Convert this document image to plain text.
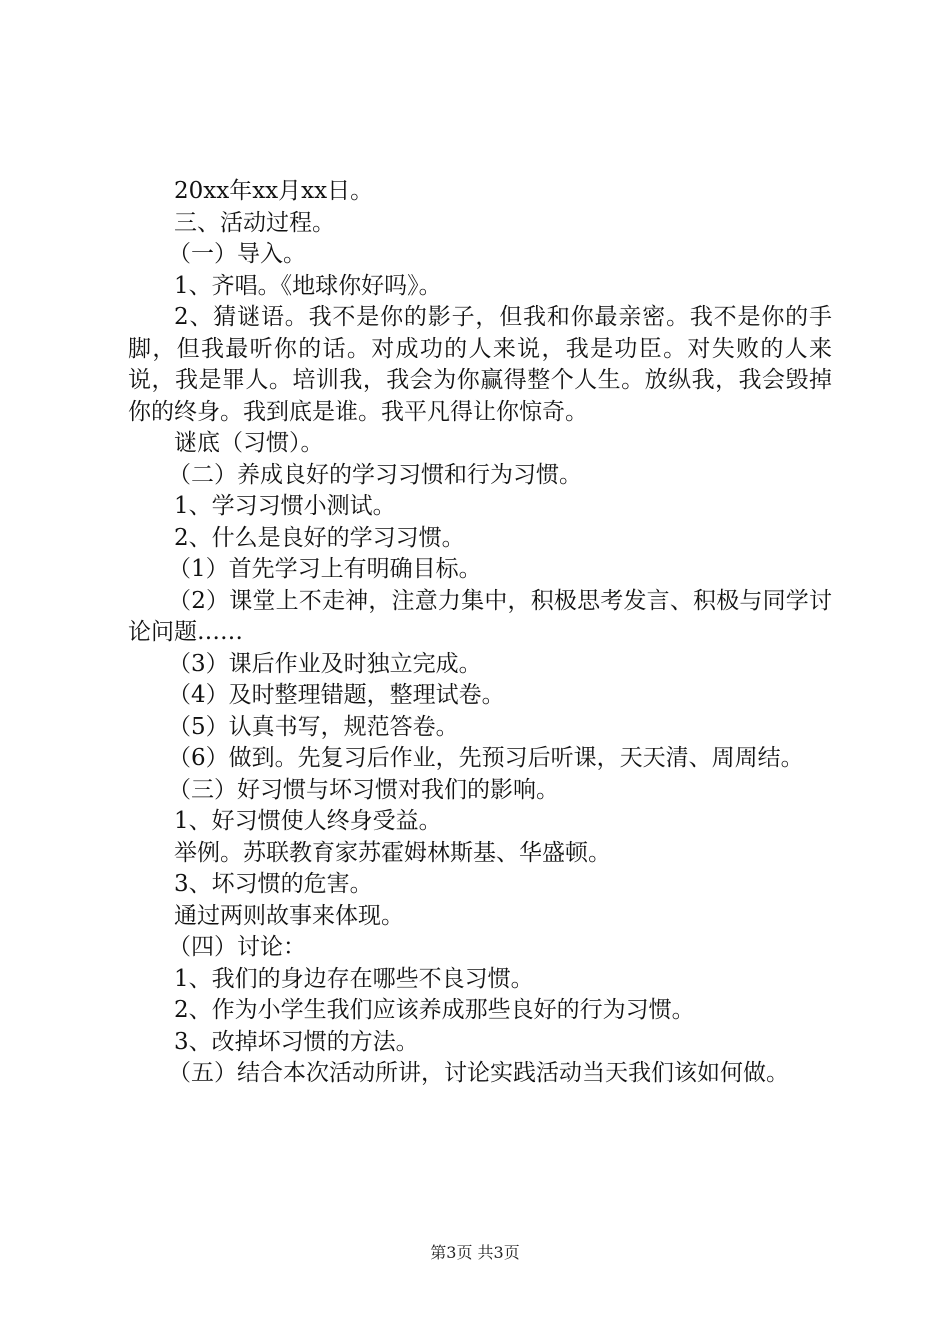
20xx年xx月xx日。

三、活动过程。

（一）导入。

1、齐唱。《地球你好吗》。

2、猜谜语。我不是你的影子，但我和你最亲密。我不是你的手脚，但我最听你的话。对成功的人来说，我是功臣。对失败的人来说，我是罪人。培训我，我会为你赢得整个人生。放纵我，我会毁掉你的终身。我到底是谁。我平凡得让你惊奇。

谜底（习惯）。

（二）养成良好的学习习惯和行为习惯。

1、学习习惯小测试。

2、什么是良好的学习习惯。

（1）首先学习上有明确目标。

（2）课堂上不走神，注意力集中，积极思考发言、积极与同学讨论问题……

（3）课后作业及时独立完成。

（4）及时整理错题，整理试卷。

（5）认真书写，规范答卷。

（6）做到。先复习后作业，先预习后听课，天天清、周周结。

（三）好习惯与坏习惯对我们的影响。

1、好习惯使人终身受益。

举例。苏联教育家苏霍姆林斯基、华盛顿。

3、坏习惯的危害。

通过两则故事来体现。

（四）讨论：

1、我们的身边存在哪些不良习惯。

2、作为小学生我们应该养成那些良好的行为习惯。

3、改掉坏习惯的方法。

（五）结合本次活动所讲，讨论实践活动当天我们该如何做。

第3页 共3页
